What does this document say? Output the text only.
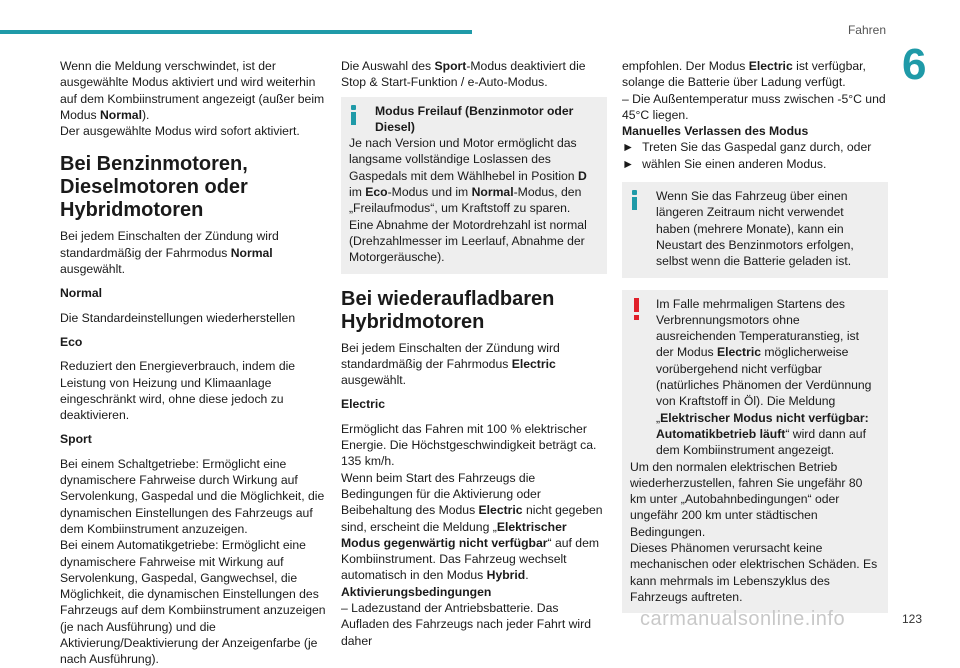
Fahren
6

Wenn die Meldung verschwindet, ist der ausgewählte Modus aktiviert und wird weiterhin auf dem Kombiinstrument angezeigt (außer beim Modus Normal).

Der ausgewählte Modus wird sofort aktiviert.

Bei Benzinmotoren, Dieselmotoren oder Hybridmotoren

Bei jedem Einschalten der Zündung wird standardmäßig der Fahrmodus Normal ausgewählt.

Normal

Die Standardeinstellungen wiederherstellen

Eco

Reduziert den Energieverbrauch, indem die Leistung von Heizung und Klimaanlage eingeschränkt wird, ohne diese jedoch zu deaktivieren.

Sport

Bei einem Schaltgetriebe: Ermöglicht eine dynamischere Fahrweise durch Wirkung auf Servolenkung, Gaspedal und die Möglichkeit, die dynamischen Einstellungen des Fahrzeugs auf dem Kombiinstrument anzuzeigen.

Bei einem Automatikgetriebe: Ermöglicht eine dynamischere Fahrweise mit Wirkung auf Servolenkung, Gaspedal, Gangwechsel, die Möglichkeit, die dynamischen Einstellungen des Fahrzeugs auf dem Kombiinstrument anzuzeigen (je nach Ausführung) und die Aktivierung/Deaktivierung der Anzeigenfarbe (je nach Ausführung).

Die Auswahl des Sport-Modus deaktiviert die Stop & Start-Funktion / e-Auto-Modus.

Modus Freilauf (Benzinmotor oder Diesel)

Je nach Version und Motor ermöglicht das langsame vollständige Loslassen des Gaspedals mit dem Wählhebel in Position D im Eco-Modus und im Normal-Modus, den „Freilaufmodus“, um Kraftstoff zu sparen.

Eine Abnahme der Motordrehzahl ist normal (Drehzahlmesser im Leerlauf, Abnahme der Motorgeräusche).

Bei wiederaufladbaren Hybridmotoren

Bei jedem Einschalten der Zündung wird standardmäßig der Fahrmodus Electric ausgewählt.

Electric

Ermöglicht das Fahren mit 100 % elektrischer Energie. Die Höchstgeschwindigkeit beträgt ca. 135 km/h.

Wenn beim Start des Fahrzeugs die Bedingungen für die Aktivierung oder Beibehaltung des Modus Electric nicht gegeben sind, erscheint die Meldung „Elektrischer Modus gegenwärtig nicht verfügbar“ auf dem Kombiinstrument. Das Fahrzeug wechselt automatisch in den Modus Hybrid.

Aktivierungsbedingungen

– Ladezustand der Antriebsbatterie. Das Aufladen des Fahrzeugs nach jeder Fahrt wird daher

empfohlen. Der Modus Electric ist verfügbar, solange die Batterie über Ladung verfügt.

– Die Außentemperatur muss zwischen -5°C und 45°C liegen.

Manuelles Verlassen des Modus

► Treten Sie das Gaspedal ganz durch, oder

► wählen Sie einen anderen Modus.

Wenn Sie das Fahrzeug über einen längeren Zeitraum nicht verwendet haben (mehrere Monate), kann ein Neustart des Benzinmotors erfolgen, selbst wenn die Batterie geladen ist.

Im Falle mehrmaligen Startens des Verbrennungsmotors ohne ausreichenden Temperaturanstieg, ist der Modus Electric möglicherweise vorübergehend nicht verfügbar (natürliches Phänomen der Verdünnung von Kraftstoff in Öl). Die Meldung „Elektrischer Modus nicht verfügbar: Automatikbetrieb läuft“ wird dann auf dem Kombiinstrument angezeigt.

Um den normalen elektrischen Betrieb wiederherzustellen, fahren Sie ungefähr 80 km unter „Autobahnbedingungen“ oder ungefähr 200 km unter städtischen Bedingungen.

Dieses Phänomen verursacht keine mechanischen oder elektrischen Schäden. Es kann mehrmals im Lebenszyklus des Fahrzeugs auftreten.

carmanualsonline.info	123
